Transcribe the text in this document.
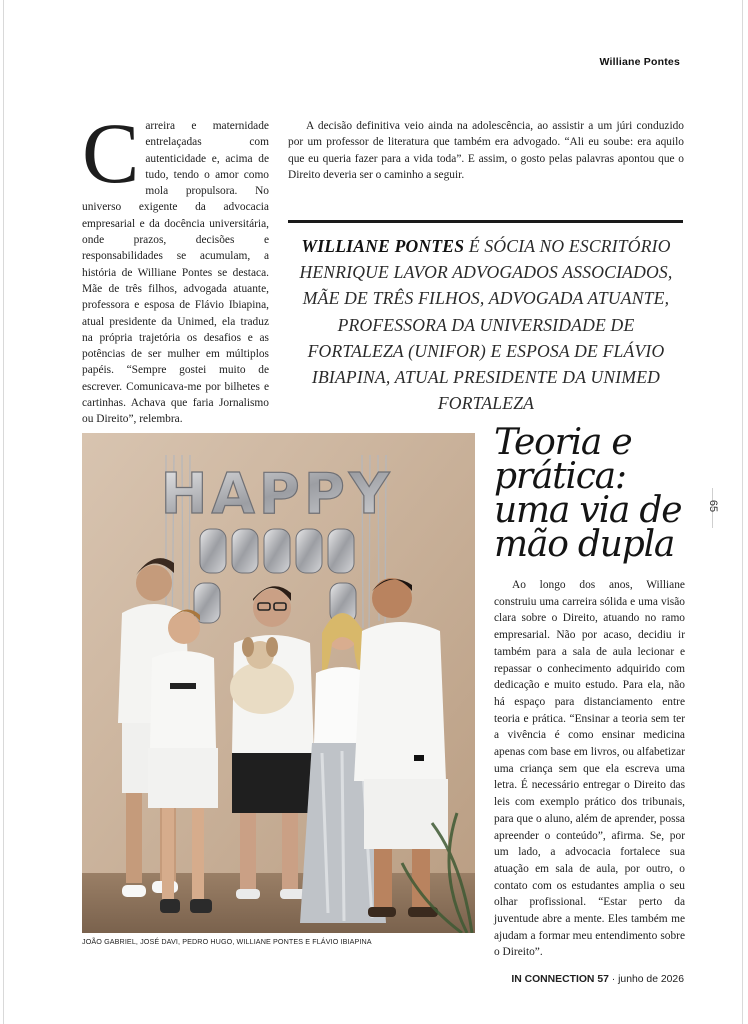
Williane Pontes
65
Carreira e maternidade entrelaçadas com autenticidade e, acima de tudo, tendo o amor como mola propulsora. No universo exigente da advocacia empresarial e da docência universitária, onde prazos, decisões e responsabilidades se acumulam, a história de Williane Pontes se destaca. Mãe de três filhos, advogada atuante, professora e esposa de Flávio Ibiapina, atual presidente da Unimed, ela traduz na própria trajetória os desafios e as potências de ser mulher em múltiplos papéis. “Sempre gostei muito de escrever. Comunicava-me por bilhetes e cartinhas. Achava que faria Jornalismo ou Direito”, relembra.
A decisão definitiva veio ainda na adolescência, ao assistir a um júri conduzido por um professor de literatura que também era advogado. “Ali eu soube: era aquilo que eu queria fazer para a vida toda”. E assim, o gosto pelas palavras apontou que o Direito deveria ser o caminho a seguir.
WILLIANE PONTES É SÓCIA NO ESCRITÓRIO HENRIQUE LAVOR ADVOGADOS ASSOCIADOS, MÃE DE TRÊS FILHOS, ADVOGADA ATUANTE, PROFESSORA DA UNIVERSIDADE DE FORTALEZA (UNIFOR) E ESPOSA DE FLÁVIO IBIAPINA, ATUAL PRESIDENTE DA UNIMED FORTALEZA
HAPPY
JOÃO GABRIEL, JOSÉ DAVI, PEDRO HUGO, WILLIANE PONTES E FLÁVIO IBIAPINA
Teoria e prática: uma via de mão dupla
Ao longo dos anos, Williane construiu uma carreira sólida e uma visão clara sobre o Direito, atuando no ramo empresarial. Não por acaso, decidiu ir também para a sala de aula lecionar e repassar o conhecimento adquirido com dedicação e muito estudo. Para ela, não há espaço para distanciamento entre teoria e prática. “Ensinar a teoria sem ter a vivência é como ensinar medicina apenas com base em livros, ou alfabetizar uma criança sem que ela escreva uma letra. É necessário entregar o Direito das leis com exemplo prático dos tribunais, para que o aluno, além de aprender, possa apreender o conteúdo”, afirma. Se, por um lado, a advocacia fortalece sua atuação em sala de aula, por outro, o contato com os estudantes amplia o seu olhar profissional. “Estar perto da juventude abre a mente. Eles também me ajudam a formar meu entendimento sobre o Direito”.
IN CONNECTION 57 · junho de 2026
